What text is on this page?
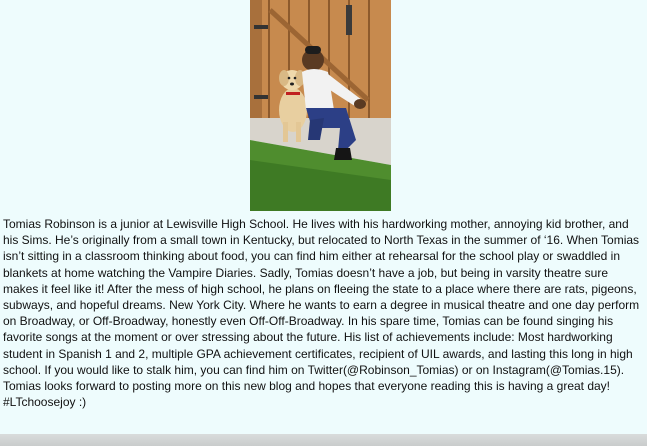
Tomias Robinson is a junior at Lewisville High School. He lives with his hardworking mother, annoying kid brother, and his Sims. He’s originally from a small town in Kentucky, but relocated to North Texas in the summer of ‘16. When Tomias isn’t sitting in a classroom thinking about food, you can find him either at rehearsal for the school play or swaddled in blankets at home watching the Vampire Diaries. Sadly, Tomias doesn’t have a job, but being in varsity theatre sure makes it feel like it! After the mess of high school, he plans on fleeing the state to a place where there are rats, pigeons, subways, and hopeful dreams. New York City. Where he wants to earn a degree in musical theatre and one day perform on Broadway, or Off-Broadway, honestly even Off-Off-Broadway. In his spare time, Tomias can be found singing his favorite songs at the moment or over stressing about the future. His list of achievements include: Most hardworking student in Spanish 1 and 2, multiple GPA achievement certificates, recipient of UIL awards, and lasting this long in high school. If you would like to stalk him, you can find him on Twitter(@Robinson_Tomias) or on Instagram(@Tomias.15). Tomias looks forward to posting more on this new blog and hopes that everyone reading this is having a great day! #LTchoosejoy :)
